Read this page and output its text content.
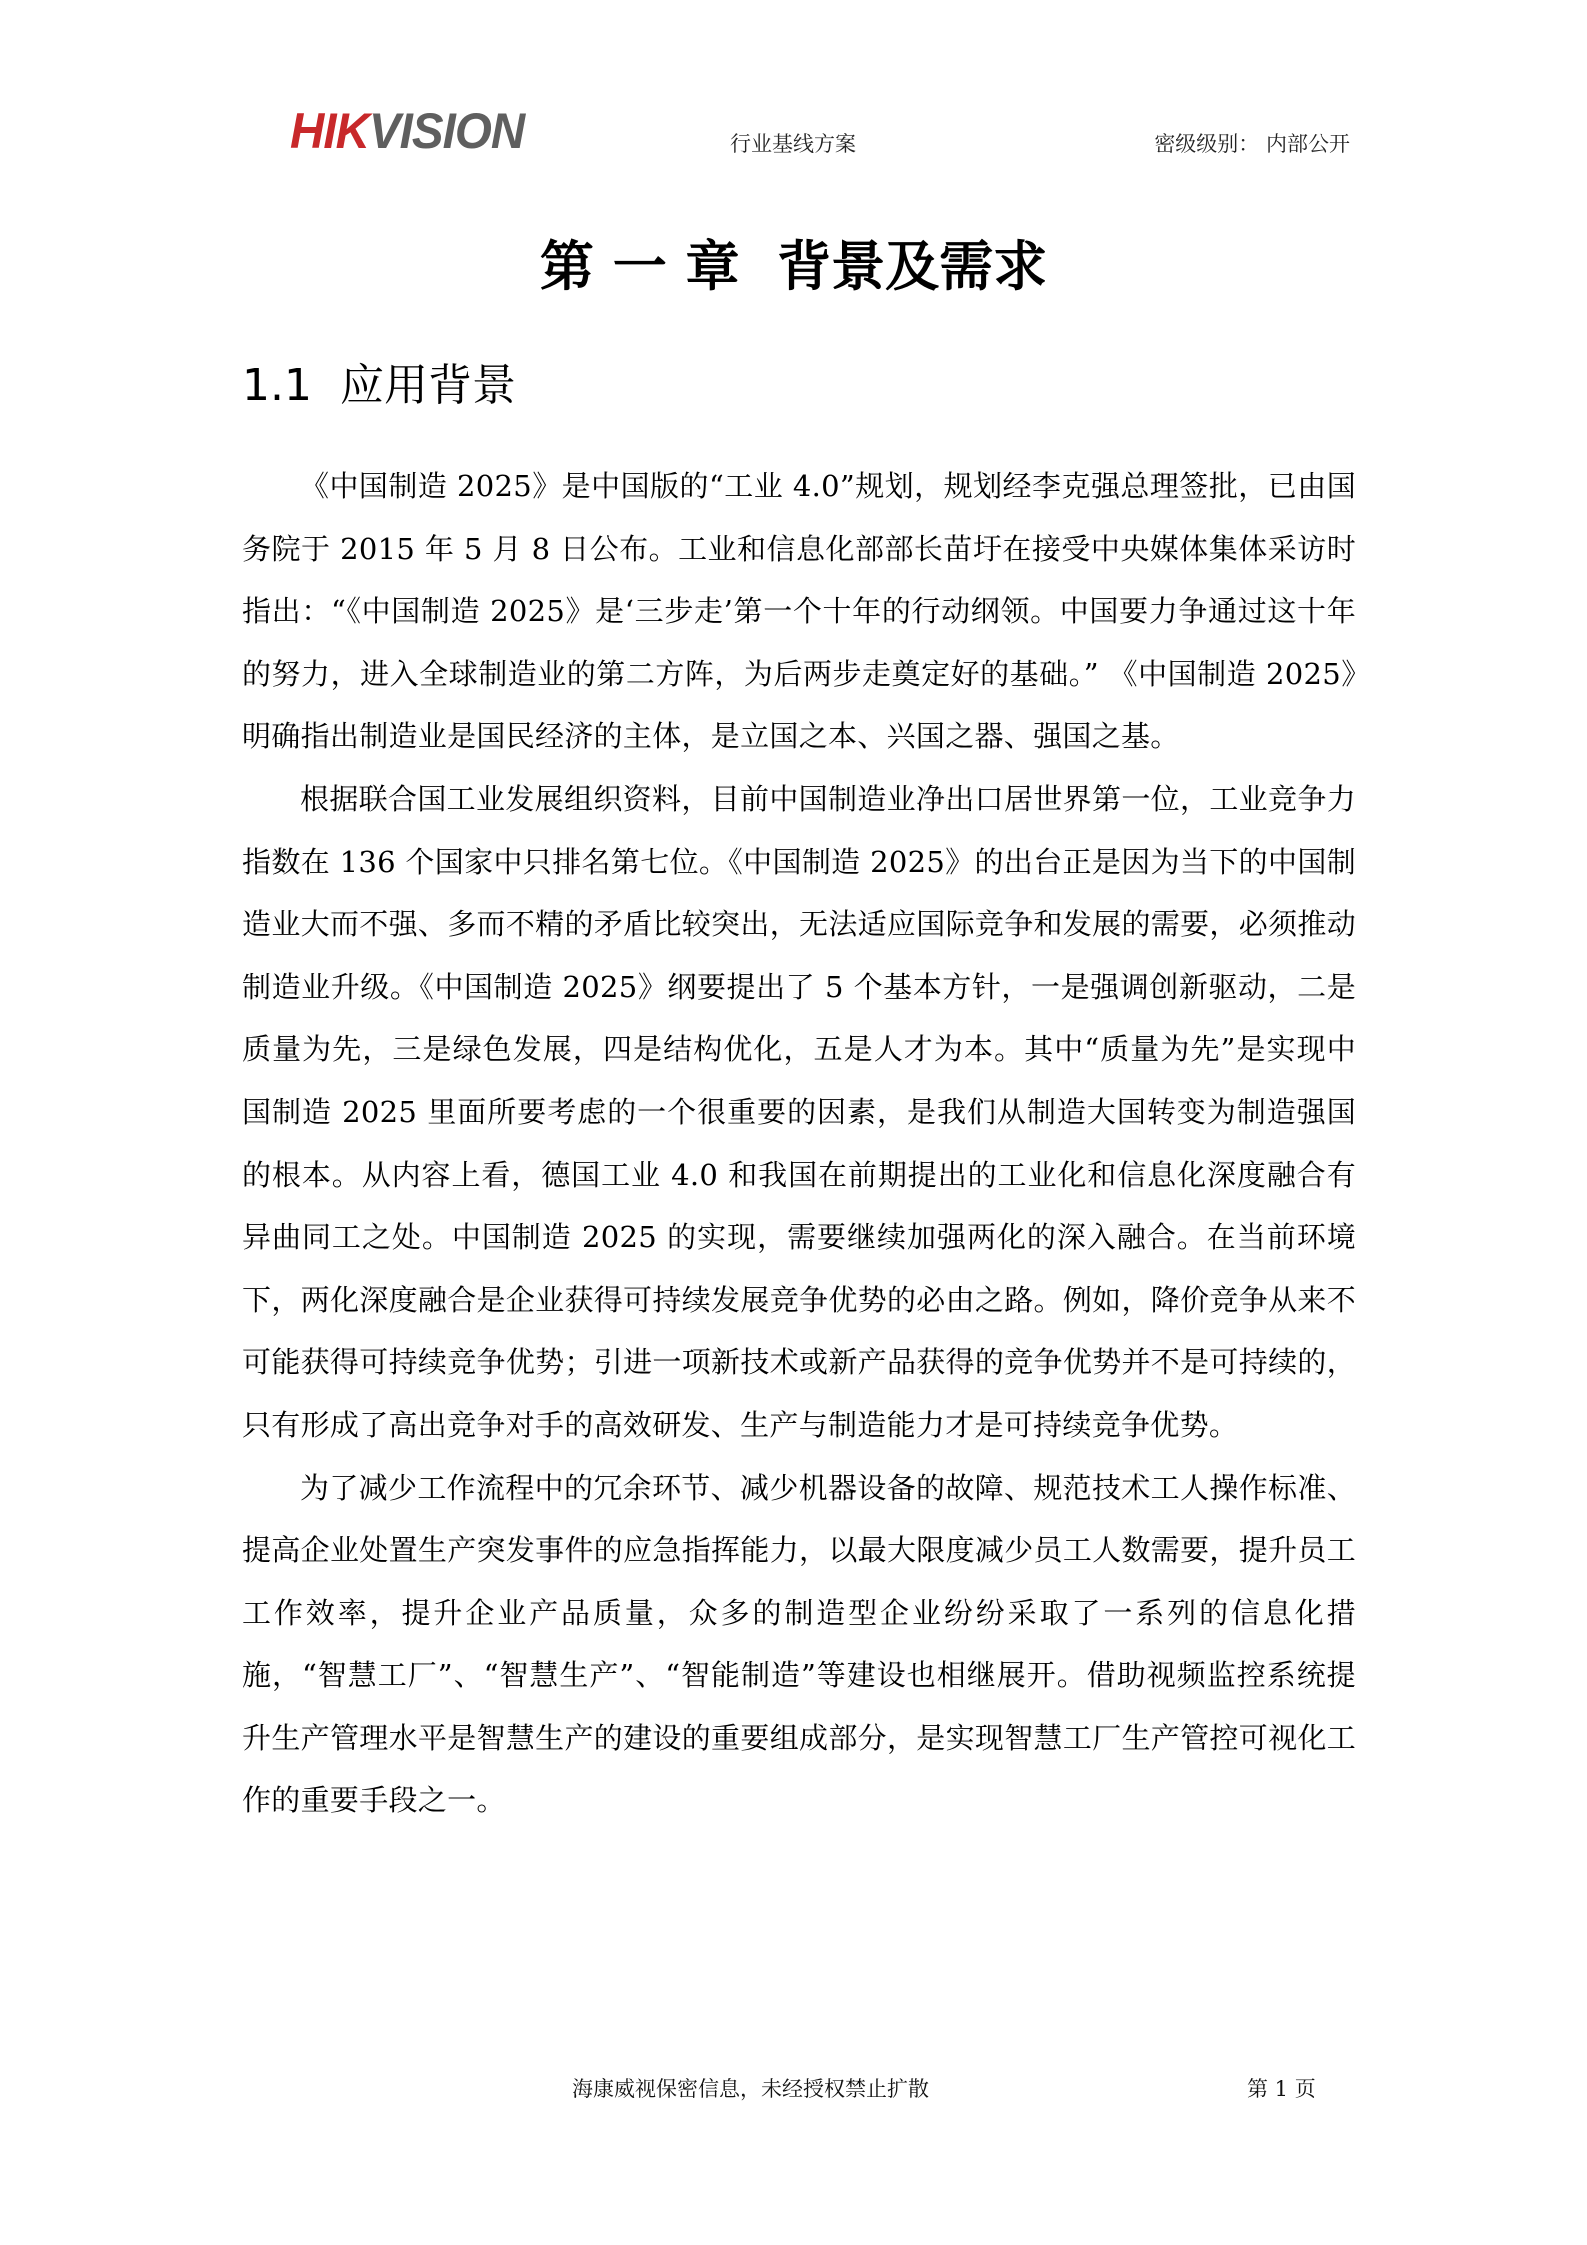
HIKVISION	行业基线方案	密级级别： 内部公开
第 一 章  背景及需求
1.1  应用背景

《中国制造 2025》是中国版的“工业 4.0”规划，规划经李克强总理签批，已由国务院于 2015 年 5 月 8 日公布。工业和信息化部部长苗圩在接受中央媒体集体采访时指出：“《中国制造 2025》是‘三步走’第一个十年的行动纲领。中国要力争通过这十年的努力，进入全球制造业的第二方阵，为后两步走奠定好的基础。” 《中国制造 2025》明确指出制造业是国民经济的主体，是立国之本、兴国之器、强国之基。

根据联合国工业发展组织资料，目前中国制造业净出口居世界第一位，工业竞争力指数在 136 个国家中只排名第七位。《中国制造 2025》的出台正是因为当下的中国制造业大而不强、多而不精的矛盾比较突出，无法适应国际竞争和发展的需要，必须推动制造业升级。《中国制造 2025》纲要提出了 5 个基本方针，一是强调创新驱动，二是质量为先，三是绿色发展，四是结构优化，五是人才为本。其中“质量为先”是实现中国制造 2025 里面所要考虑的一个很重要的因素，是我们从制造大国转变为制造强国的根本。从内容上看，德国工业 4.0 和我国在前期提出的工业化和信息化深度融合有异曲同工之处。中国制造 2025 的实现，需要继续加强两化的深入融合。在当前环境下，两化深度融合是企业获得可持续发展竞争优势的必由之路。例如，降价竞争从来不可能获得可持续竞争优势；引进一项新技术或新产品获得的竞争优势并不是可持续的，只有形成了高出竞争对手的高效研发、生产与制造能力才是可持续竞争优势。

为了减少工作流程中的冗余环节、减少机器设备的故障、规范技术工人操作标准、提高企业处置生产突发事件的应急指挥能力，以最大限度减少员工人数需要，提升员工工作效率，提升企业产品质量，众多的制造型企业纷纷采取了一系列的信息化措施，“智慧工厂”、“智慧生产”、“智能制造”等建设也相继展开。借助视频监控系统提升生产管理水平是智慧生产的建设的重要组成部分，是实现智慧工厂生产管控可视化工作的重要手段之一。

海康威视保密信息，未经授权禁止扩散	第 1 页
